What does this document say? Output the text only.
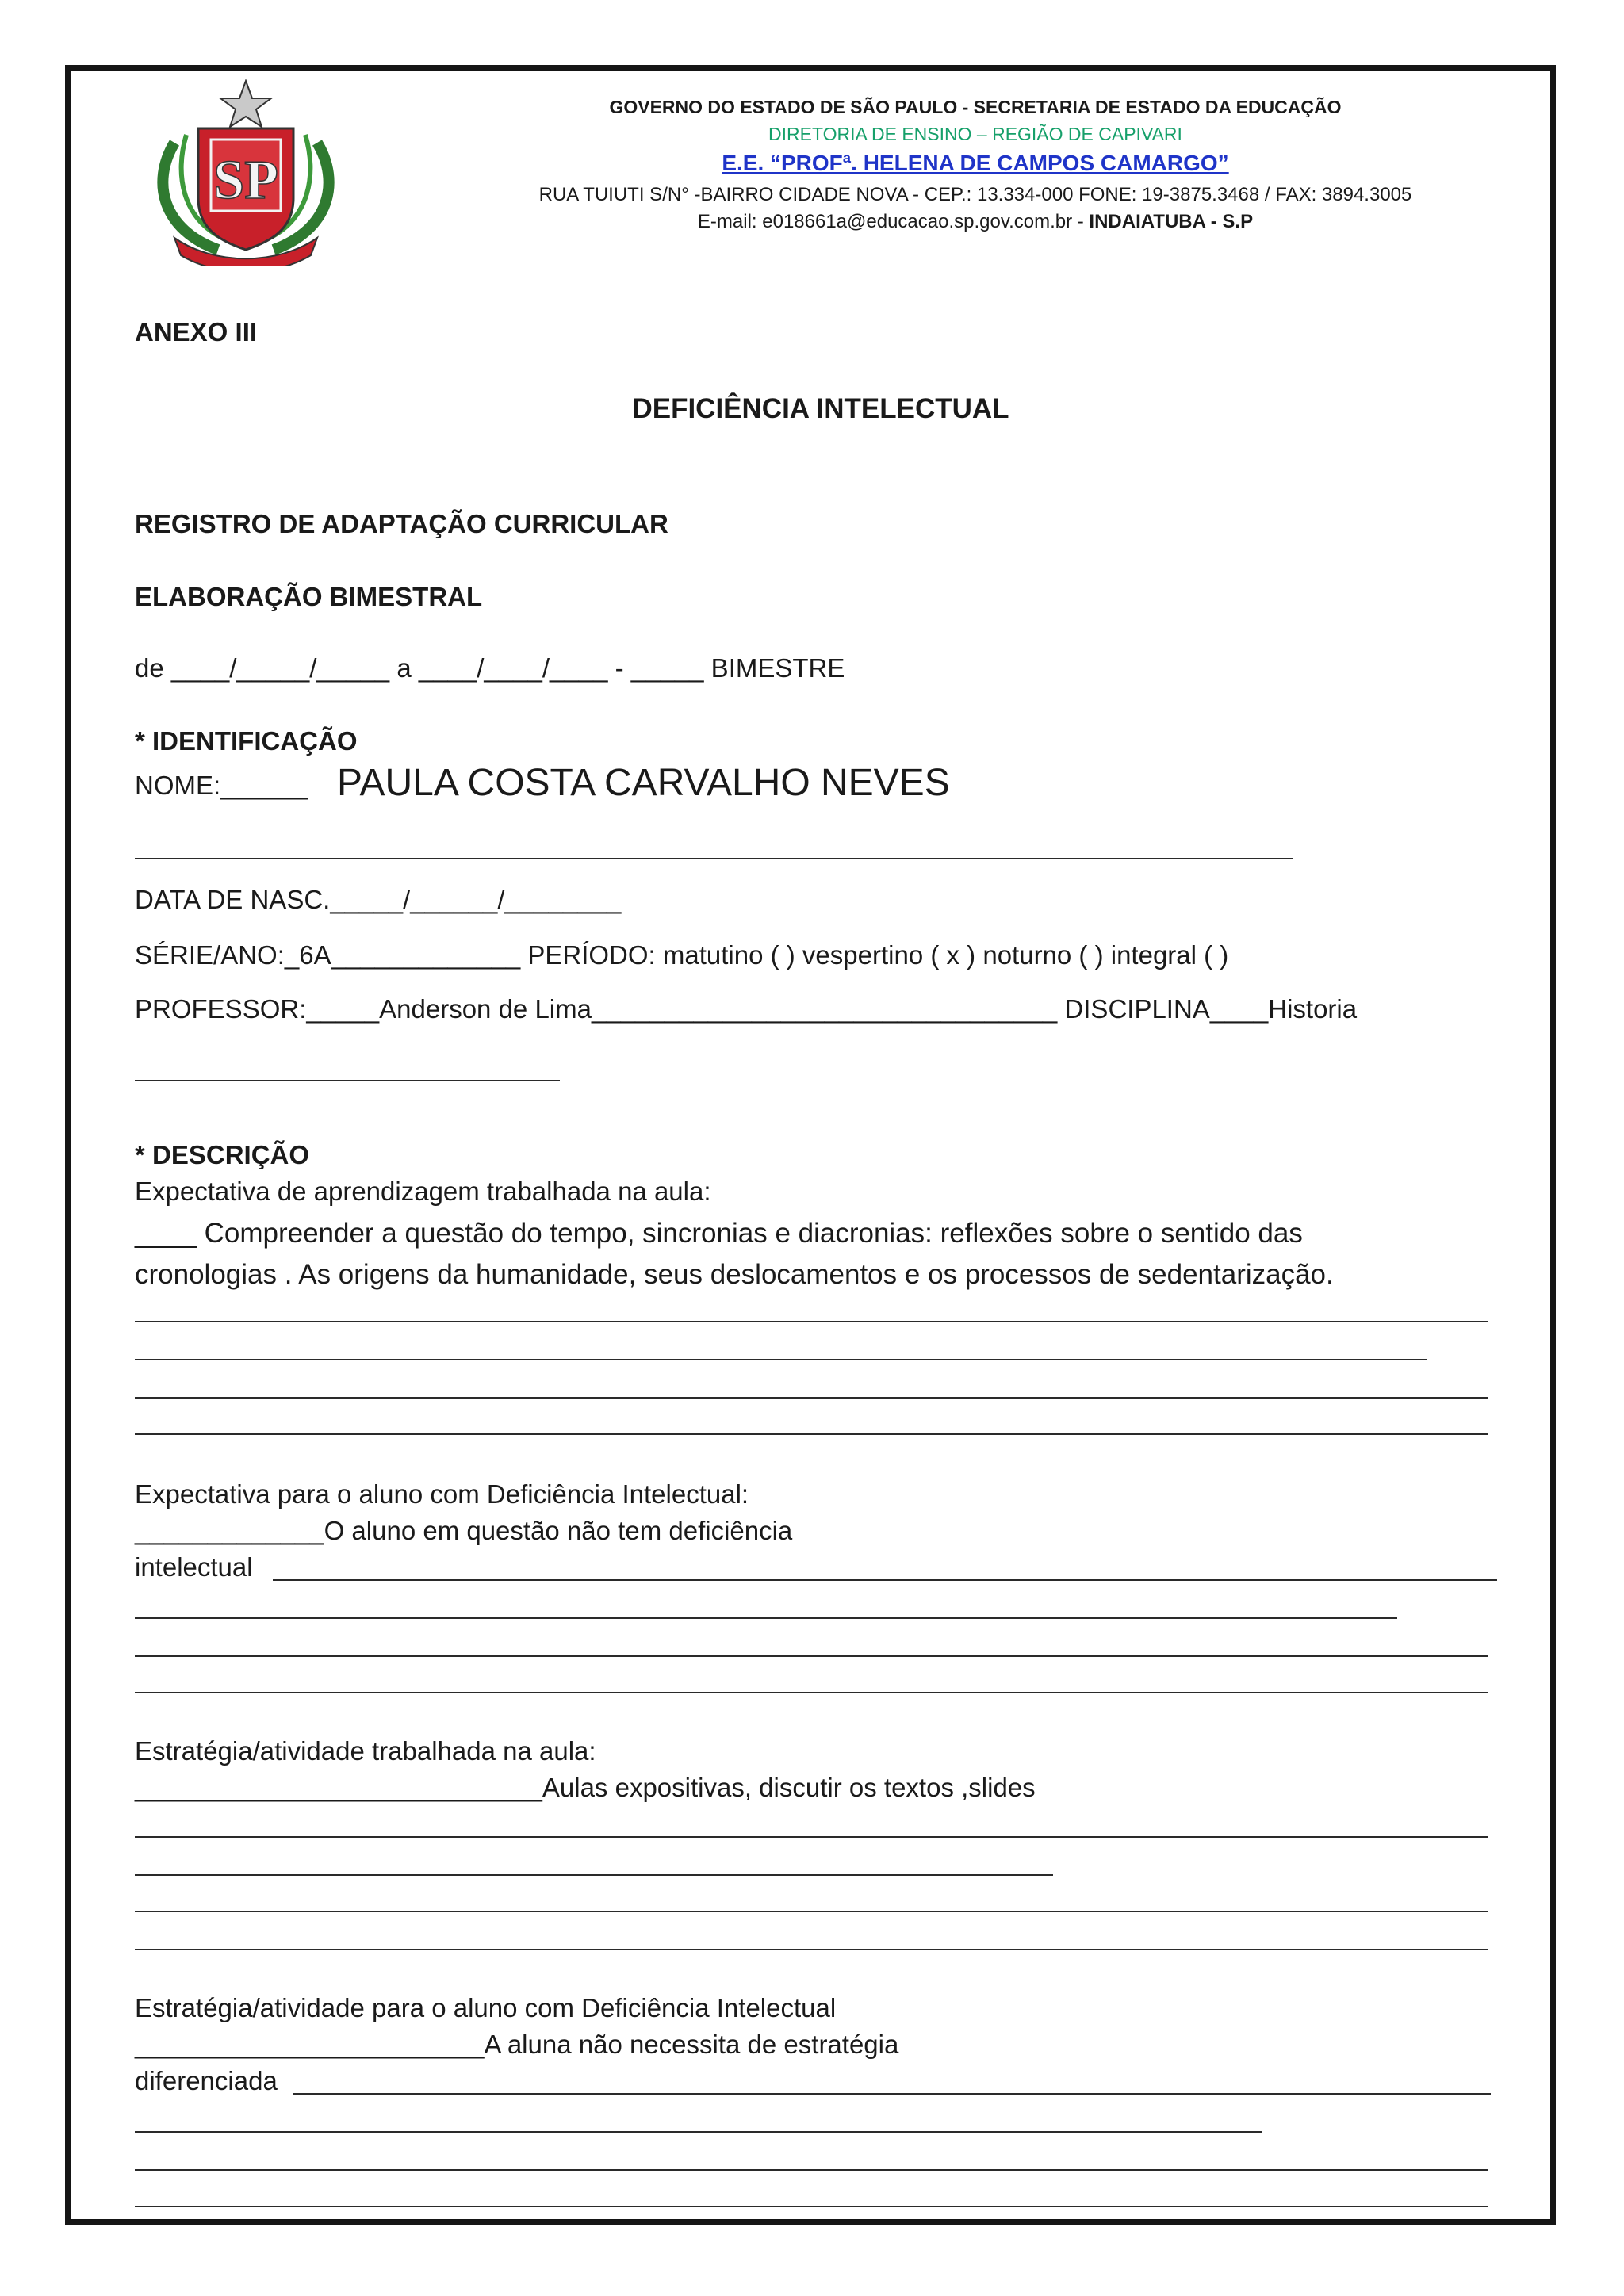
SP
GOVERNO DO ESTADO DE SÃO PAULO - SECRETARIA DE ESTADO DA EDUCAÇÃO
DIRETORIA DE ENSINO – REGIÃO DE CAPIVARI
E.E. “PROFª. HELENA DE CAMPOS CAMARGO”
RUA TUIUTI S/N° -BAIRRO CIDADE NOVA - CEP.: 13.334-000 FONE: 19-3875.3468 / FAX: 3894.3005
E-mail: e018661a@educacao.sp.gov.com.br - INDAIATUBA - S.P
ANEXO III
DEFICIÊNCIA INTELECTUAL
REGISTRO DE ADAPTAÇÃO CURRICULAR
ELABORAÇÃO BIMESTRAL
de ____/_____/_____ a ____/____/____ - _____ BIMESTRE
* IDENTIFICAÇÃO
NOME:______ PAULA COSTA CARVALHO NEVES
DATA DE NASC._____/______/________
SÉRIE/ANO:_6A_____________ PERÍODO: matutino ( ) vespertino ( x ) noturno ( ) integral ( )
PROFESSOR:_____Anderson de Lima________________________________ DISCIPLINA____Historia
* DESCRIÇÃO
Expectativa de aprendizagem trabalhada na aula:
____ Compreender a questão do tempo, sincronias e diacronias: reflexões sobre o sentido das
cronologias . As origens da humanidade, seus deslocamentos e os processos de sedentarização.
Expectativa para o aluno com Deficiência Intelectual:
_____________O aluno em questão não tem deficiência
intelectual
Estratégia/atividade trabalhada na aula:
____________________________Aulas expositivas, discutir os textos ,slides
Estratégia/atividade para o aluno com Deficiência Intelectual
________________________A aluna não necessita de estratégia
diferenciada
